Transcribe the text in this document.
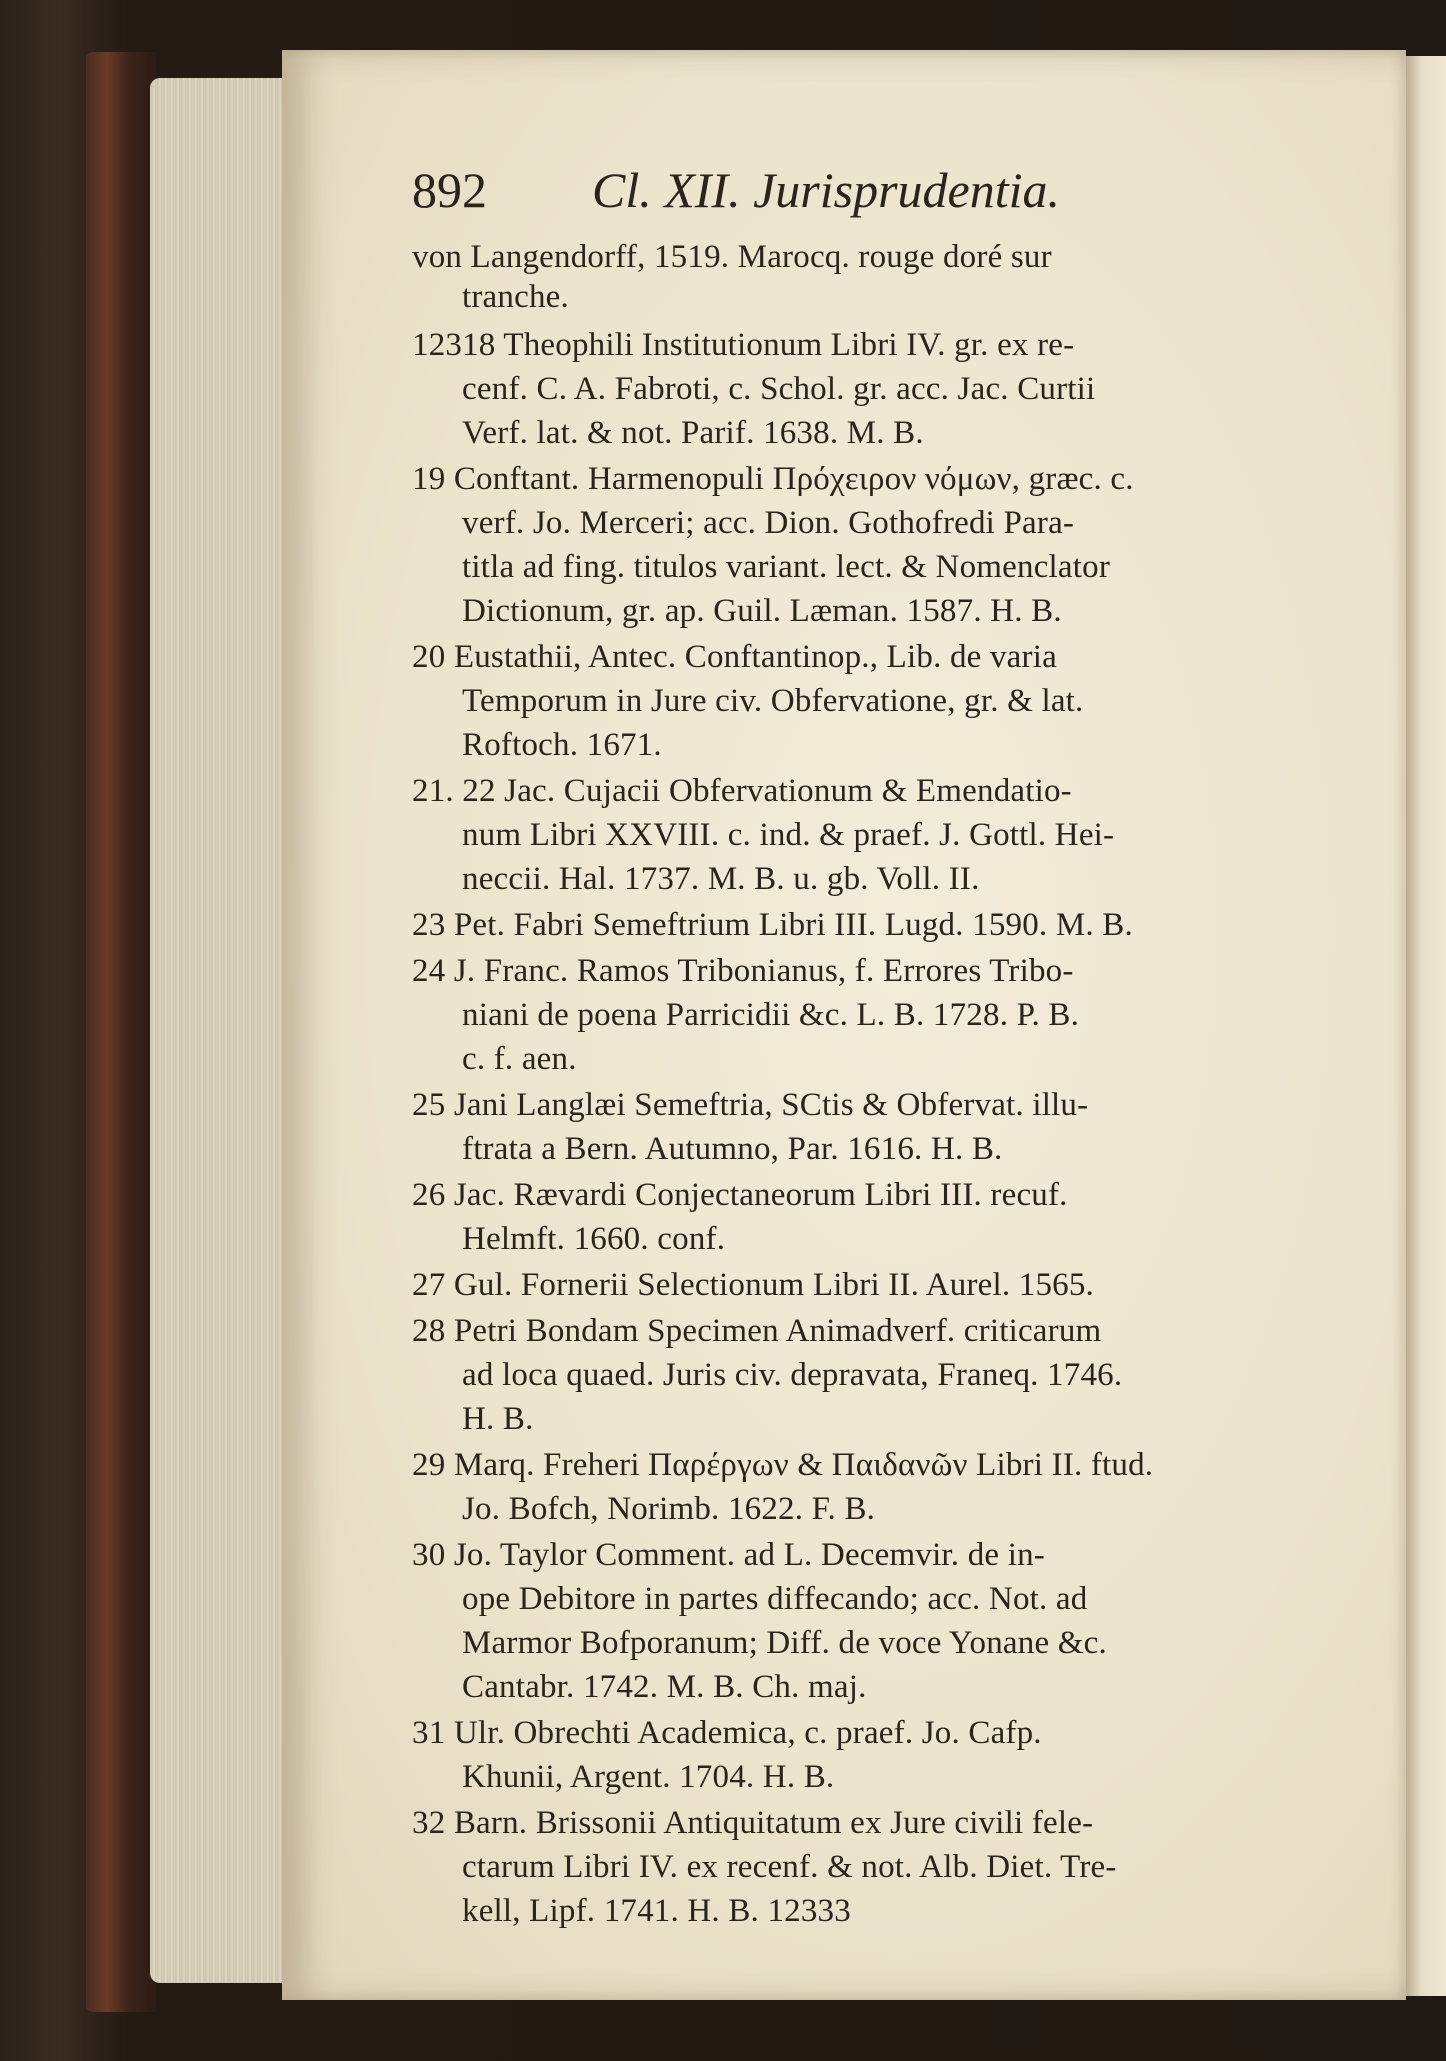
892 Cl. XII. Jurisprudentia.
von Langendorff, 1519. Marocq. rouge doré sur
tranche.
12318 Theophili Institutionum Libri IV. gr. ex re-
cenf. C. A. Fabroti, c. Schol. gr. acc. Jac. Curtii
Verf. lat. & not. Parif. 1638. M. B.
19 Conftant. Harmenopuli Πρόχειρον νόμων, græc. c.
verf. Jo. Merceri; acc. Dion. Gothofredi Para-
titla ad fing. titulos variant. lect. & Nomenclator
Dictionum, gr. ap. Guil. Læman. 1587. H. B.
20 Eustathii, Antec. Conftantinop., Lib. de varia
Temporum in Jure civ. Obfervatione, gr. & lat.
Roftoch. 1671.
21. 22 Jac. Cujacii Obfervationum & Emendatio-
num Libri XXVIII. c. ind. & praef. J. Gottl. Hei-
neccii. Hal. 1737. M. B. u. gb. Voll. II.
23 Pet. Fabri Semeftrium Libri III. Lugd. 1590. M. B.
24 J. Franc. Ramos Tribonianus, f. Errores Tribo-
niani de poena Parricidii &c. L. B. 1728. P. B.
c. f. aen.
25 Jani Langlæi Semeftria, SCtis & Obfervat. illu-
ftrata a Bern. Autumno, Par. 1616. H. B.
26 Jac. Rævardi Conjectaneorum Libri III. recuf.
Helmft. 1660. conf.
27 Gul. Fornerii Selectionum Libri II. Aurel. 1565.
28 Petri Bondam Specimen Animadverf. criticarum
ad loca quaed. Juris civ. depravata, Franeq. 1746.
H. B.
29 Marq. Freheri Παρέργων & Παιδανῶν Libri II. ftud.
Jo. Bofch, Norimb. 1622. F. B.
30 Jo. Taylor Comment. ad L. Decemvir. de in-
ope Debitore in partes diffecando; acc. Not. ad
Marmor Bofporanum; Diff. de voce Yonane &c.
Cantabr. 1742. M. B. Ch. maj.
31 Ulr. Obrechti Academica, c. praef. Jo. Cafp.
Khunii, Argent. 1704. H. B.
32 Barn. Brissonii Antiquitatum ex Jure civili fele-
ctarum Libri IV. ex recenf. & not. Alb. Diet. Tre-
kell, Lipf. 1741. H. B. 12333
